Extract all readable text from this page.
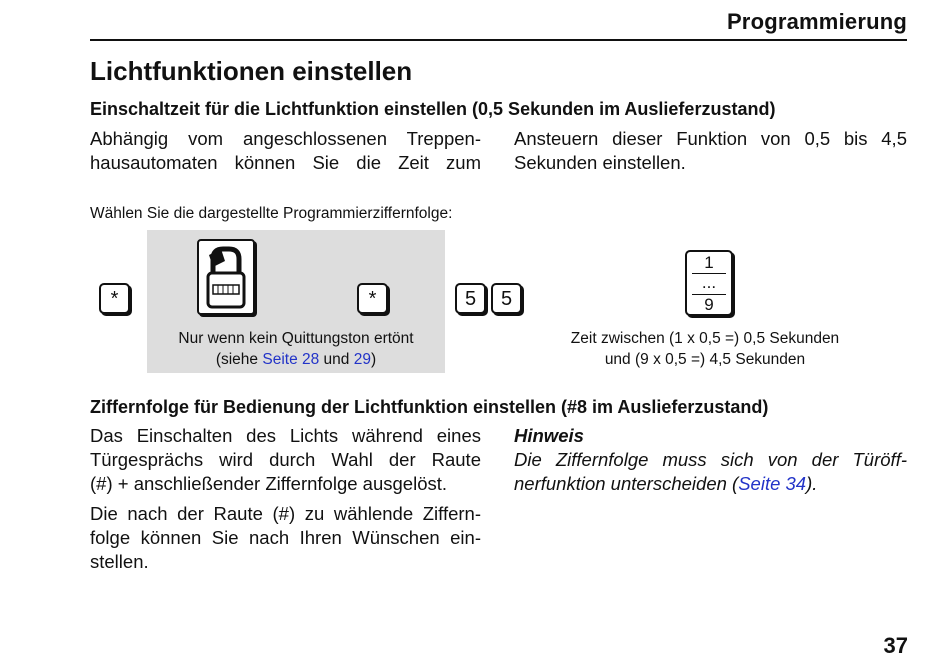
Programmierung
Lichtfunktionen einstellen
Einschaltzeit für die Lichtfunktion einstellen (0,5 Sekunden im Auslieferzustand)
Abhängig vom angeschlossenen Treppen-
hausautomaten können Sie die Zeit zum
Ansteuern dieser Funktion von 0,5 bis 4,5
Sekunden einstellen.
Wählen Sie die dargestellte Programmierziffernfolge:
*	*
Nur wenn kein Quittungston ertönt
(siehe Seite 28 und 29)
5 5
1
...
9
Zeit zwischen (1 x 0,5 =) 0,5 Sekunden
und (9 x 0,5 =) 4,5 Sekunden
Ziffernfolge für Bedienung der Lichtfunktion einstellen (#8 im Auslieferzustand)
Das Einschalten des Lichts während eines
Türgesprächs wird durch Wahl der Raute
(#) + anschließender Ziffernfolge ausgelöst.
Die nach der Raute (#) zu wählende Ziffern-
folge können Sie nach Ihren Wünschen ein-
stellen.
Hinweis
Die Ziffernfolge muss sich von der Türöff-
nerfunktion unterscheiden (Seite 34).
37
